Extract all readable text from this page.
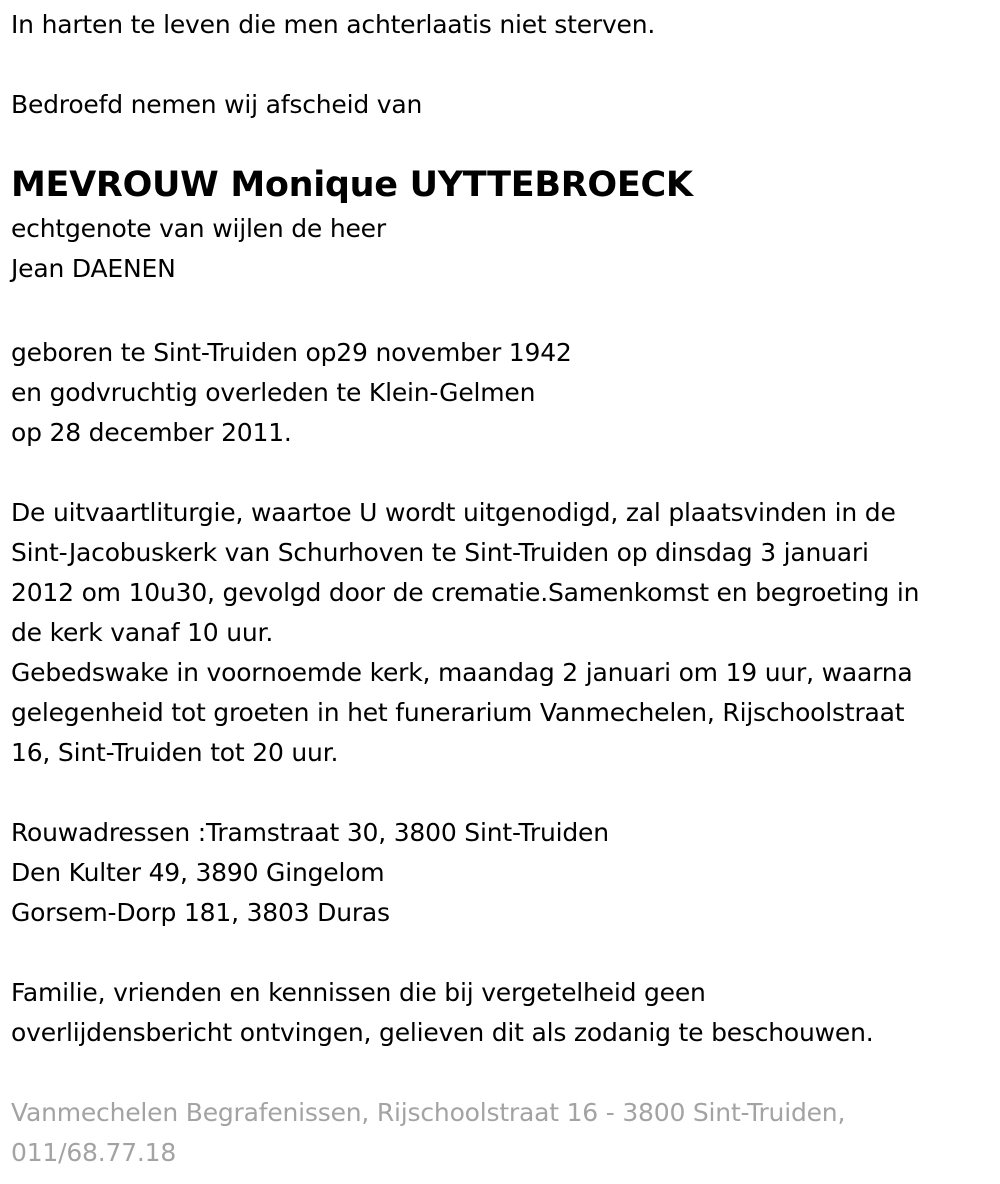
In harten te leven die men achterlaatis niet sterven.
Bedroefd nemen wij afscheid van
MEVROUW Monique UYTTEBROECK
echtgenote van wijlen de heer
Jean DAENEN
geboren te Sint-Truiden op29 november 1942
en godvruchtig overleden te Klein-Gelmen
op 28 december 2011.
De uitvaartliturgie, waartoe U wordt uitgenodigd, zal plaatsvinden in de
Sint-Jacobuskerk van Schurhoven te Sint-Truiden op dinsdag 3 januari
2012 om 10u30, gevolgd door de crematie.Samenkomst en begroeting in
de kerk vanaf 10 uur.
Gebedswake in voornoemde kerk, maandag 2 januari om 19 uur, waarna
gelegenheid tot groeten in het funerarium Vanmechelen, Rijschoolstraat
16, Sint-Truiden tot 20 uur.
Rouwadressen :Tramstraat 30, 3800 Sint-Truiden
Den Kulter 49, 3890 Gingelom
Gorsem-Dorp 181, 3803 Duras
Familie, vrienden en kennissen die bij vergetelheid geen
overlijdensbericht ontvingen, gelieven dit als zodanig te beschouwen.
Vanmechelen Begrafenissen, Rijschoolstraat 16 - 3800 Sint-Truiden,
011/68.77.18
